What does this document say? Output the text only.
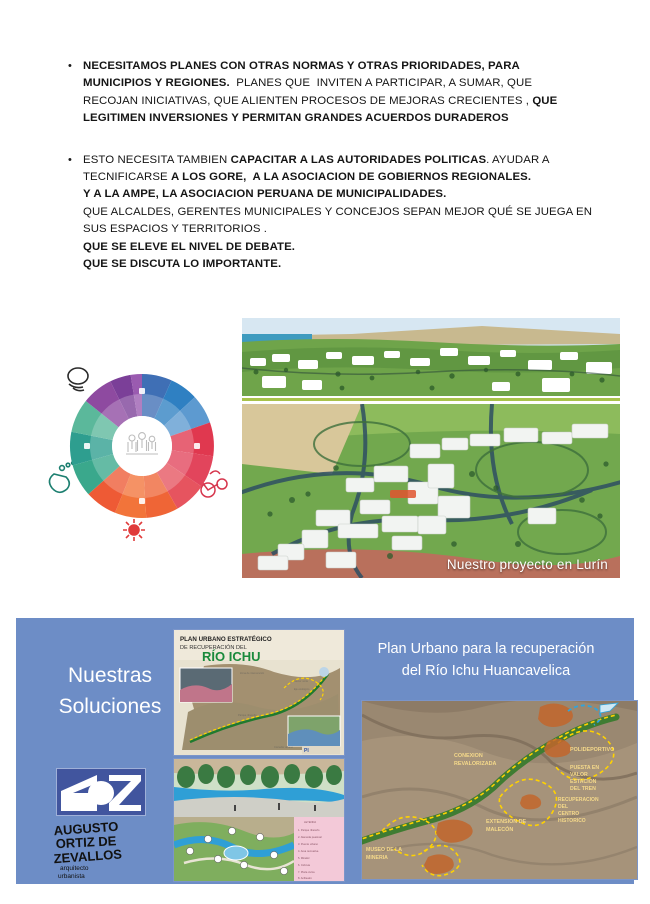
• NECESITAMOS PLANES CON OTRAS NORMAS Y OTRAS PRIORIDADES, PARA
MUNICIPIOS Y REGIONES.  PLANES QUE  INVITEN A PARTICIPAR, A SUMAR, QUE
RECOJAN INICIATIVAS, QUE ALIENTEN PROCESOS DE MEJORAS CRECIENTES , QUE
LEGITIMEN INVERSIONES Y PERMITAN GRANDES ACUERDOS DURADEROS
• ESTO NECESITA TAMBIEN CAPACITAR A LAS AUTORIDADES POLITICAS. AYUDAR A
TECNIFICARSE A LOS GORE,  A LA ASOCIACION DE GOBIERNOS REGIONALES.
Y A LA AMPE, LA ASOCIACION PERUANA DE MUNICIPALIDADES.
QUE ALCALDES, GERENTES MUNICIPALES Y CONCEJOS SEPAN MEJOR QUÉ SE JUEGA EN
SUS ESPACIOS Y TERRITORIOS .
QUE SE ELEVE EL NIVEL DE DEBATE.
QUE SE DISCUTA LO IMPORTANTE.
Nuestro proyecto en Lurín
Nuestras
Soluciones
Plan Urbano para la recuperación
del Río Ichu Huancavelica
AUGUSTO
ORTIZ DE
ZEVALLOS
arquitecto
urbanista
PLAN URBANO ESTRATÉGICO
DE RECUPERACIÓN DEL
RÍO ICHU
Zona de intervención
Sector norte
Eje ecológico
Parque ribereño
Corredor urbano
PI
LEYENDA
1. Parque ribereño
2. Alameda peatonal
3. Puente urbano
4. Area recreativa
5. Mirador
6. Ciclovia
7. Plaza civica
8. Anfiteatro
CONEXION
REVALORIZADA
POLIDEPORTIVO
PUESTA EN
VALOR
ESTACION
DEL TREN
RECUPERACION
DEL
CENTRO
HISTORICO
EXTENSION DE
MALECÓN
MUSEO DE LA
MINERIA
